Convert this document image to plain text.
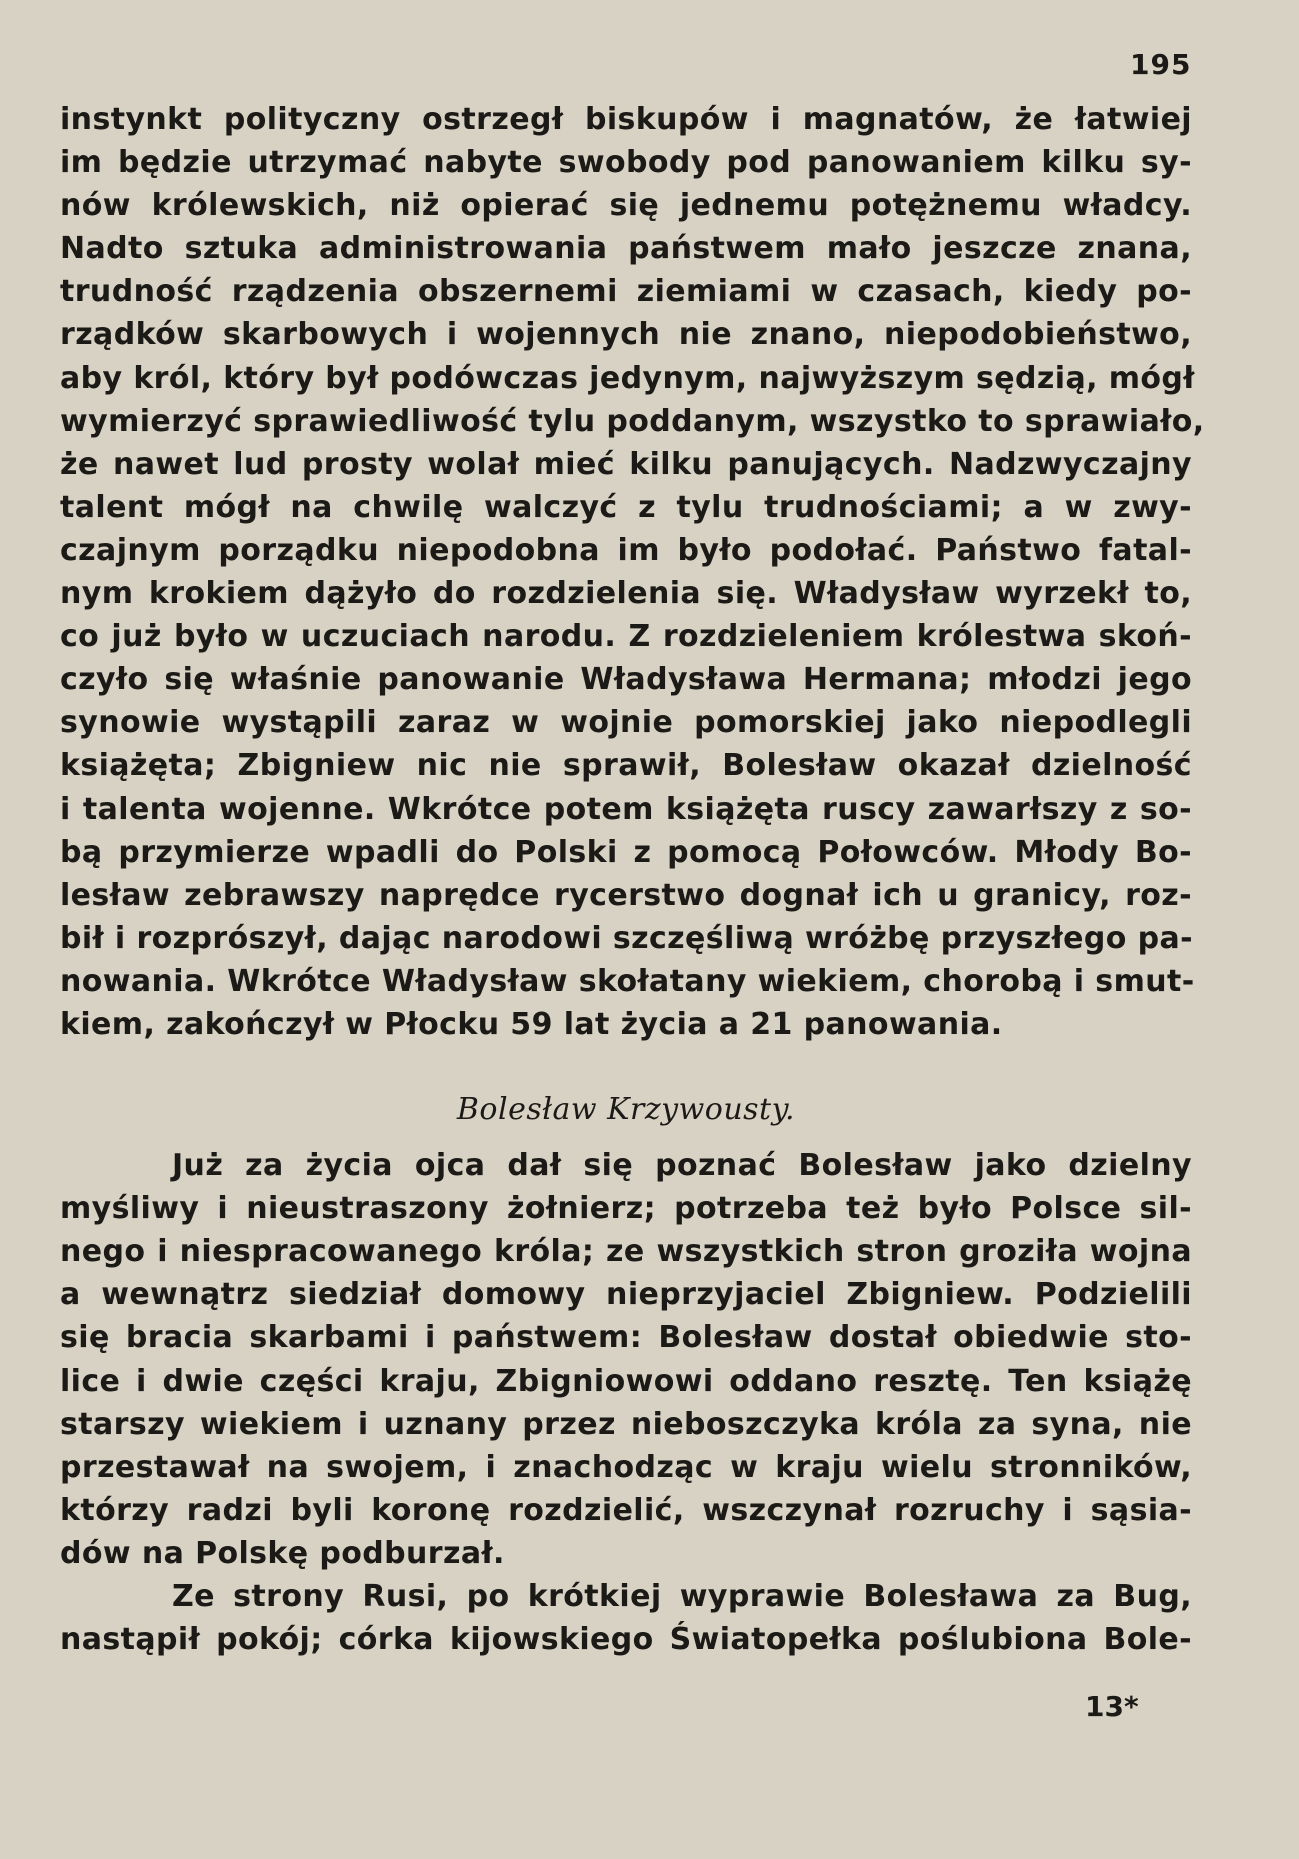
195
instynkt polityczny ostrzegł biskupów i magnatów, że łatwiej
im będzie utrzymać nabyte swobody pod panowaniem kilku sy-
nów królewskich, niż opierać się jednemu potężnemu władcy.
Nadto sztuka administrowania państwem mało jeszcze znana,
trudność rządzenia obszernemi ziemiami w czasach, kiedy po-
rządków skarbowych i wojennych nie znano, niepodobieństwo,
aby król, który był podówczas jedynym, najwyższym sędzią, mógł
wymierzyć sprawiedliwość tylu poddanym, wszystko to sprawiało,
że nawet lud prosty wolał mieć kilku panujących. Nadzwyczajny
talent mógł na chwilę walczyć z tylu trudnościami; a w zwy-
czajnym porządku niepodobna im było podołać. Państwo fatal-
nym krokiem dążyło do rozdzielenia się. Władysław wyrzekł to,
co już było w uczuciach narodu. Z rozdzieleniem królestwa skoń-
czyło się właśnie panowanie Władysława Hermana; młodzi jego
synowie wystąpili zaraz w wojnie pomorskiej jako niepodlegli
książęta; Zbigniew nic nie sprawił, Bolesław okazał dzielność
i talenta wojenne. Wkrótce potem książęta ruscy zawarłszy z so-
bą przymierze wpadli do Polski z pomocą Połowców. Młody Bo-
lesław zebrawszy naprędce rycerstwo dognał ich u granicy, roz-
bił i rozprószył, dając narodowi szczęśliwą wróżbę przyszłego pa-
nowania. Wkrótce Władysław skołatany wiekiem, chorobą i smut-
kiem, zakończył w Płocku 59 lat życia a 21 panowania.
Bolesław Krzywousty.
Już za życia ojca dał się poznać Bolesław jako dzielny
myśliwy i nieustraszony żołnierz; potrzeba też było Polsce sil-
nego i niespracowanego króla; ze wszystkich stron groziła wojna
a wewnątrz siedział domowy nieprzyjaciel Zbigniew. Podzielili
się bracia skarbami i państwem: Bolesław dostał obiedwie sto-
lice i dwie części kraju, Zbigniowowi oddano resztę. Ten książę
starszy wiekiem i uznany przez nieboszczyka króla za syna, nie
przestawał na swojem, i znachodząc w kraju wielu stronników,
którzy radzi byli koronę rozdzielić, wszczynał rozruchy i sąsia-
dów na Polskę podburzał.
Ze strony Rusi, po krótkiej wyprawie Bolesława za Bug,
nastąpił pokój; córka kijowskiego Światopełka poślubiona Bole-
13*
